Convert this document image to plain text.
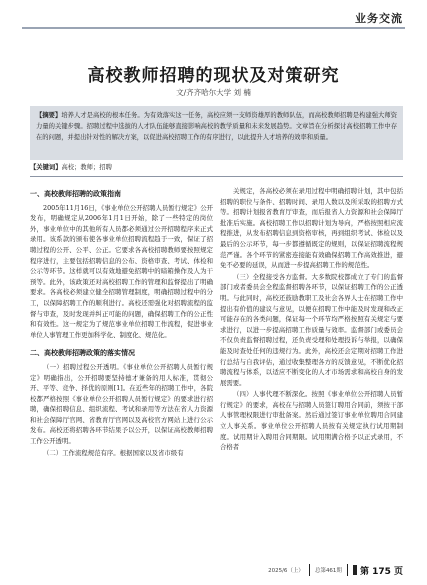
业务交流
高校教师招聘的现状及对策研究
文/齐齐哈尔大学 刘 楠
【摘要】培养人才是高校的根本任务。为有效落实这一任务，高校应须一支师资雄厚的教师队伍，而高校教师招聘是构建强大师资力量的关键步骤。招聘过程中选拔的人才队伍能够直接影响高校的教学质量和未来发展趋势。文章旨在分析探讨高校招聘工作中存在的问题，并提出针对性的解决方案，以促进高校招聘工作的有序进行，以此提升人才培养的效率和质量。
【关键词】高校；教师；招聘
一、高校教师招聘的政策指南

2005年11月16日，《事业单位公开招聘人员暂行规定》公开发布，明确规定从2006年1月1日开始，除了一些特定的岗位外，事业单位中的其他所有人员都必须通过公开招聘程序来正式录用。该系款的颁布使各事业单位招聘流程趋于一致，保证了招聘过程的公开、公平、公正。它要求各高校招聘教师要按照规定程序进行，主要包括招聘信息的公布、资格审查、考试、体检和公示等环节。这样就可以有效地避免招聘中的暗箱操作及人为干预等。此外，该政策还对高校招聘工作的管理和监督提出了明确要求。各高校必须建立健全招聘管理制度，明确招聘过程中的分工，以保障招聘工作的顺利进行。高校还需强化对招聘流程的监督与审查，及时发现并纠正可能的问题，确保招聘工作的公正性和有效性。这一规定为了规范事业单位招聘工作流程，促进事业单位人事管理工作更加科学化、制度化、规范化。

二、高校教师招聘政策的落实情况

（一）招聘过程公开透明。《事业单位公开招聘人员暂行规定》明确指出，公开招聘要坚持德才兼备的用人标准，贯彻公开、平等、竞争、择优的原则[1]。在近些年的招聘工作中，各院校都严格按照《事业单位公开招聘人员暂行规定》的要求进行招聘，确保招聘信息、组织流程、考试和录用等方法在省人力资源和社会保障厅官网、省教育厅官网以及高校官方网站上进行公示发布。高校还将招聘各环节结果予以公开，以保证高校教师招聘工作公开透明。

（二）工作流程规范有序。根据国家以及省市级有

关规定，各高校必须在录用过程中明确招聘计划，其中包括招聘的职位与条件、招聘时间、录用人数以及所采取的招聘方式等。招聘计划报省教育厅审查，而后报省人力资源和社会保障厅批准后实施。高校招聘工作以招聘计划为导向，严格按照相应流程推进，从发布招聘信息到资格审核，再到组织考试、体检以及最后的公示环节，每一步都遵循既定的规则，以保证招聘流程规范严谨。各个环节的紧密连接能有效确保招聘工作高效推进，避免不必要的延误，从而进一步提高招聘工作的规范性。

（三）全程接受各方监督。大多数院校都成立了专门的监督部门或者委员会全程监督招聘各环节，以保证招聘工作的公正透明。与此同时，高校还鼓励教职工及社会各界人士在招聘工作中提出有价值的建议与意见，以便在招聘工作中能及时发现和改正可能存在的各类问题，保证每一个环节均严格按照有关规定与要求进行，以进一步提高招聘工作质量与效率。监督部门或委员会不仅负责监督招聘过程，还负责受理和处理投诉与举报，以确保能及时查处任何的违规行为。此外，高校还会定期对招聘工作进行总结与自我评估，通过收集整理各方的反馈意见，不断优化招聘流程与体系，以适应不断变化的人才市场需求和高校自身的发展需要。

（四）人事代理不断深化。按照《事业单位公开招聘人员暂行规定》的要求，高校在与招聘人员签订聘用合同前，须按干部人事管理权限进行审批备案。然后通过签订事业单位聘用合同建立人事关系。事业单位公开招聘人员按有关规定执行试用期制度。试用期计入聘用合同期限。试用期满合格予以正式录用，不合格者

2025/6（上） 总第461期 第 175 页
